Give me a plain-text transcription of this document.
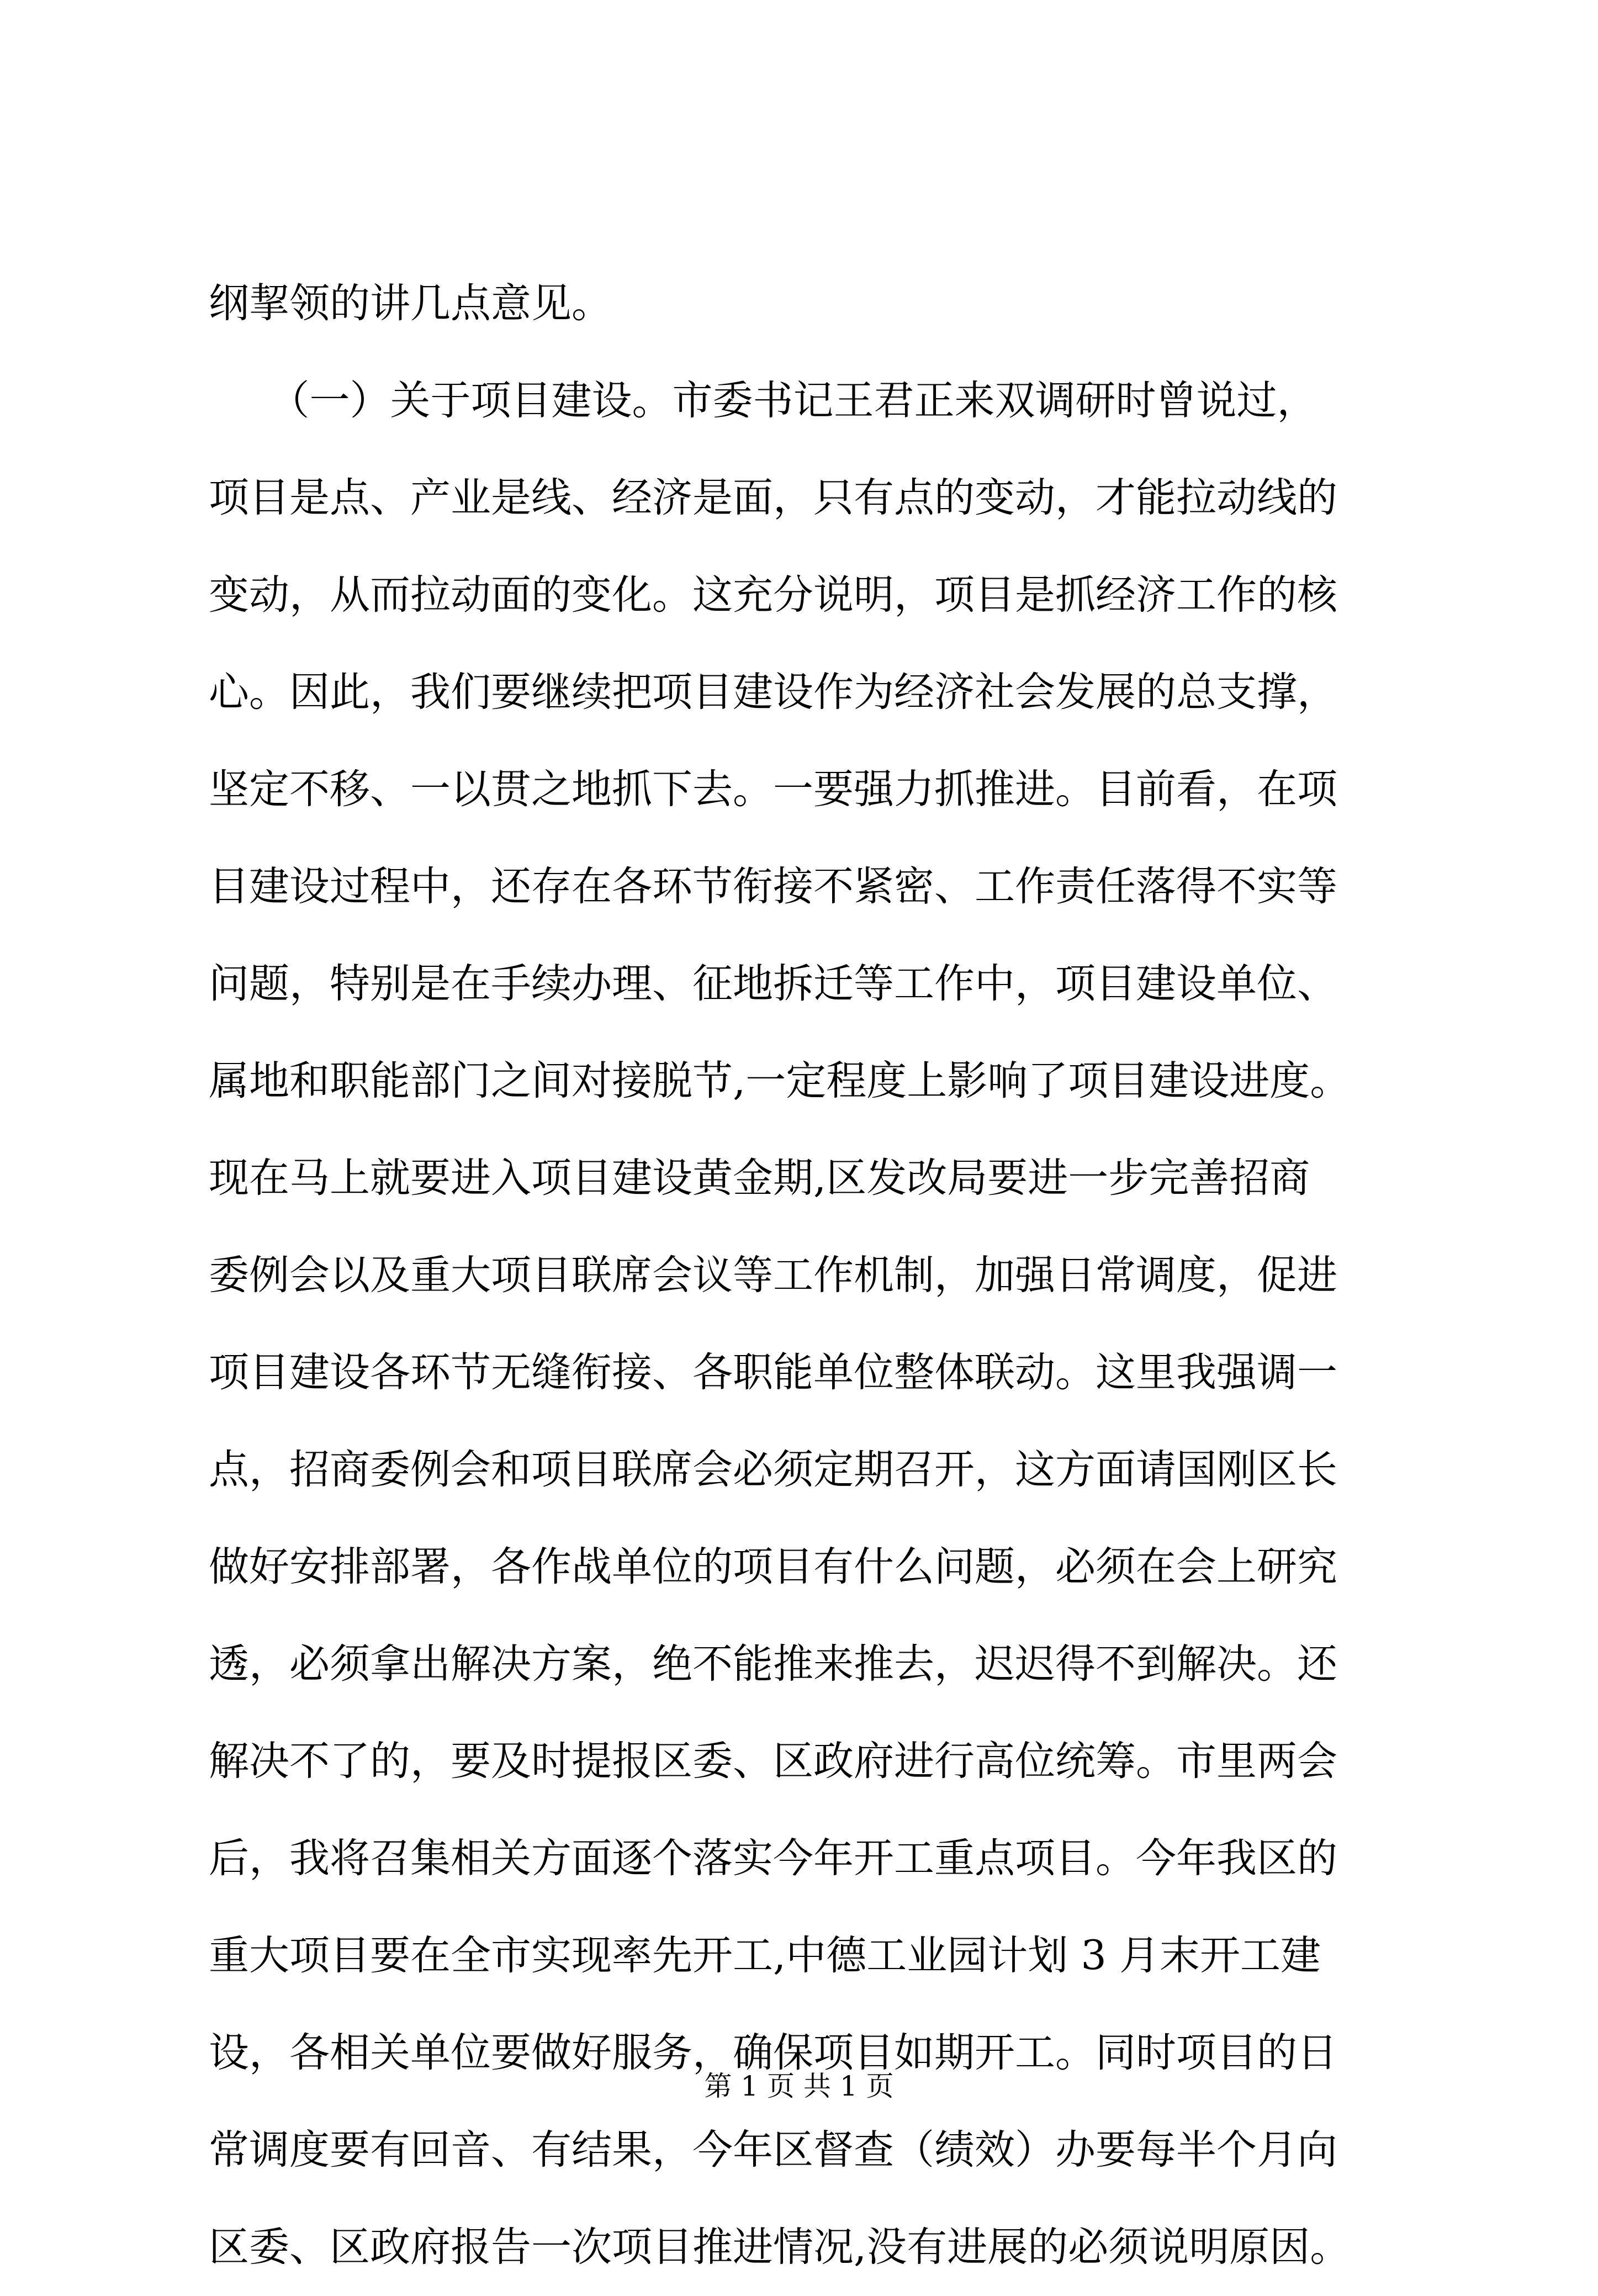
纲挈领的讲几点意见。
　　（一）关于项目建设。市委书记王君正来双调研时曾说过，
项目是点、产业是线、经济是面，只有点的变动，才能拉动线的
变动，从而拉动面的变化。这充分说明，项目是抓经济工作的核
心。因此，我们要继续把项目建设作为经济社会发展的总支撑，
坚定不移、一以贯之地抓下去。一要强力抓推进。目前看，在项
目建设过程中，还存在各环节衔接不紧密、工作责任落得不实等
问题，特别是在手续办理、征地拆迁等工作中，项目建设单位、
属地和职能部门之间对接脱节,一定程度上影响了项目建设进度。
现在马上就要进入项目建设黄金期,区发改局要进一步完善招商
委例会以及重大项目联席会议等工作机制，加强日常调度，促进
项目建设各环节无缝衔接、各职能单位整体联动。这里我强调一
点，招商委例会和项目联席会必须定期召开，这方面请国刚区长
做好安排部署，各作战单位的项目有什么问题，必须在会上研究
透，必须拿出解决方案，绝不能推来推去，迟迟得不到解决。还
解决不了的，要及时提报区委、区政府进行高位统筹。市里两会
后，我将召集相关方面逐个落实今年开工重点项目。今年我区的
重大项目要在全市实现率先开工,中德工业园计划 3 月末开工建
设，各相关单位要做好服务，确保项目如期开工。同时项目的日
常调度要有回音、有结果，今年区督查（绩效）办要每半个月向
区委、区政府报告一次项目推进情况,没有进展的必须说明原因。
第 1 页 共 1 页
